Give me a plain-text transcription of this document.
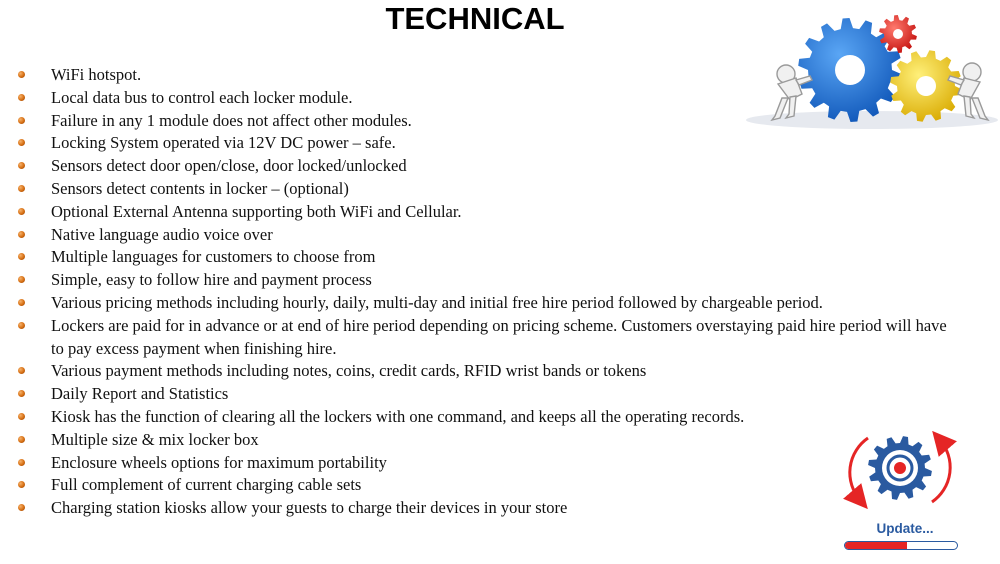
TECHNICAL
WiFi hotspot.
Local data bus to control each locker module.
Failure in any 1 module does not affect other modules.
Locking System operated via 12V DC power – safe.
Sensors detect door open/close, door locked/unlocked
Sensors detect contents in locker – (optional)
Optional External Antenna supporting both WiFi and Cellular.
Native language audio voice over
Multiple languages for customers to choose from
Simple, easy to follow hire and payment process
Various pricing methods including hourly, daily, multi-day and initial free hire period followed by chargeable period.
Lockers are paid for in advance or at end of hire period depending on pricing scheme. Customers overstaying paid hire period will have to pay excess payment when finishing hire.
Various payment methods including notes, coins, credit cards, RFID wrist bands or tokens
Daily Report and Statistics
Kiosk has the function of clearing all the lockers with one command, and keeps all the operating records.
Multiple size & mix locker box
Enclosure wheels options for maximum portability
Full complement of current charging cable sets
Charging station kiosks allow your guests to charge their devices in your store
Update...
